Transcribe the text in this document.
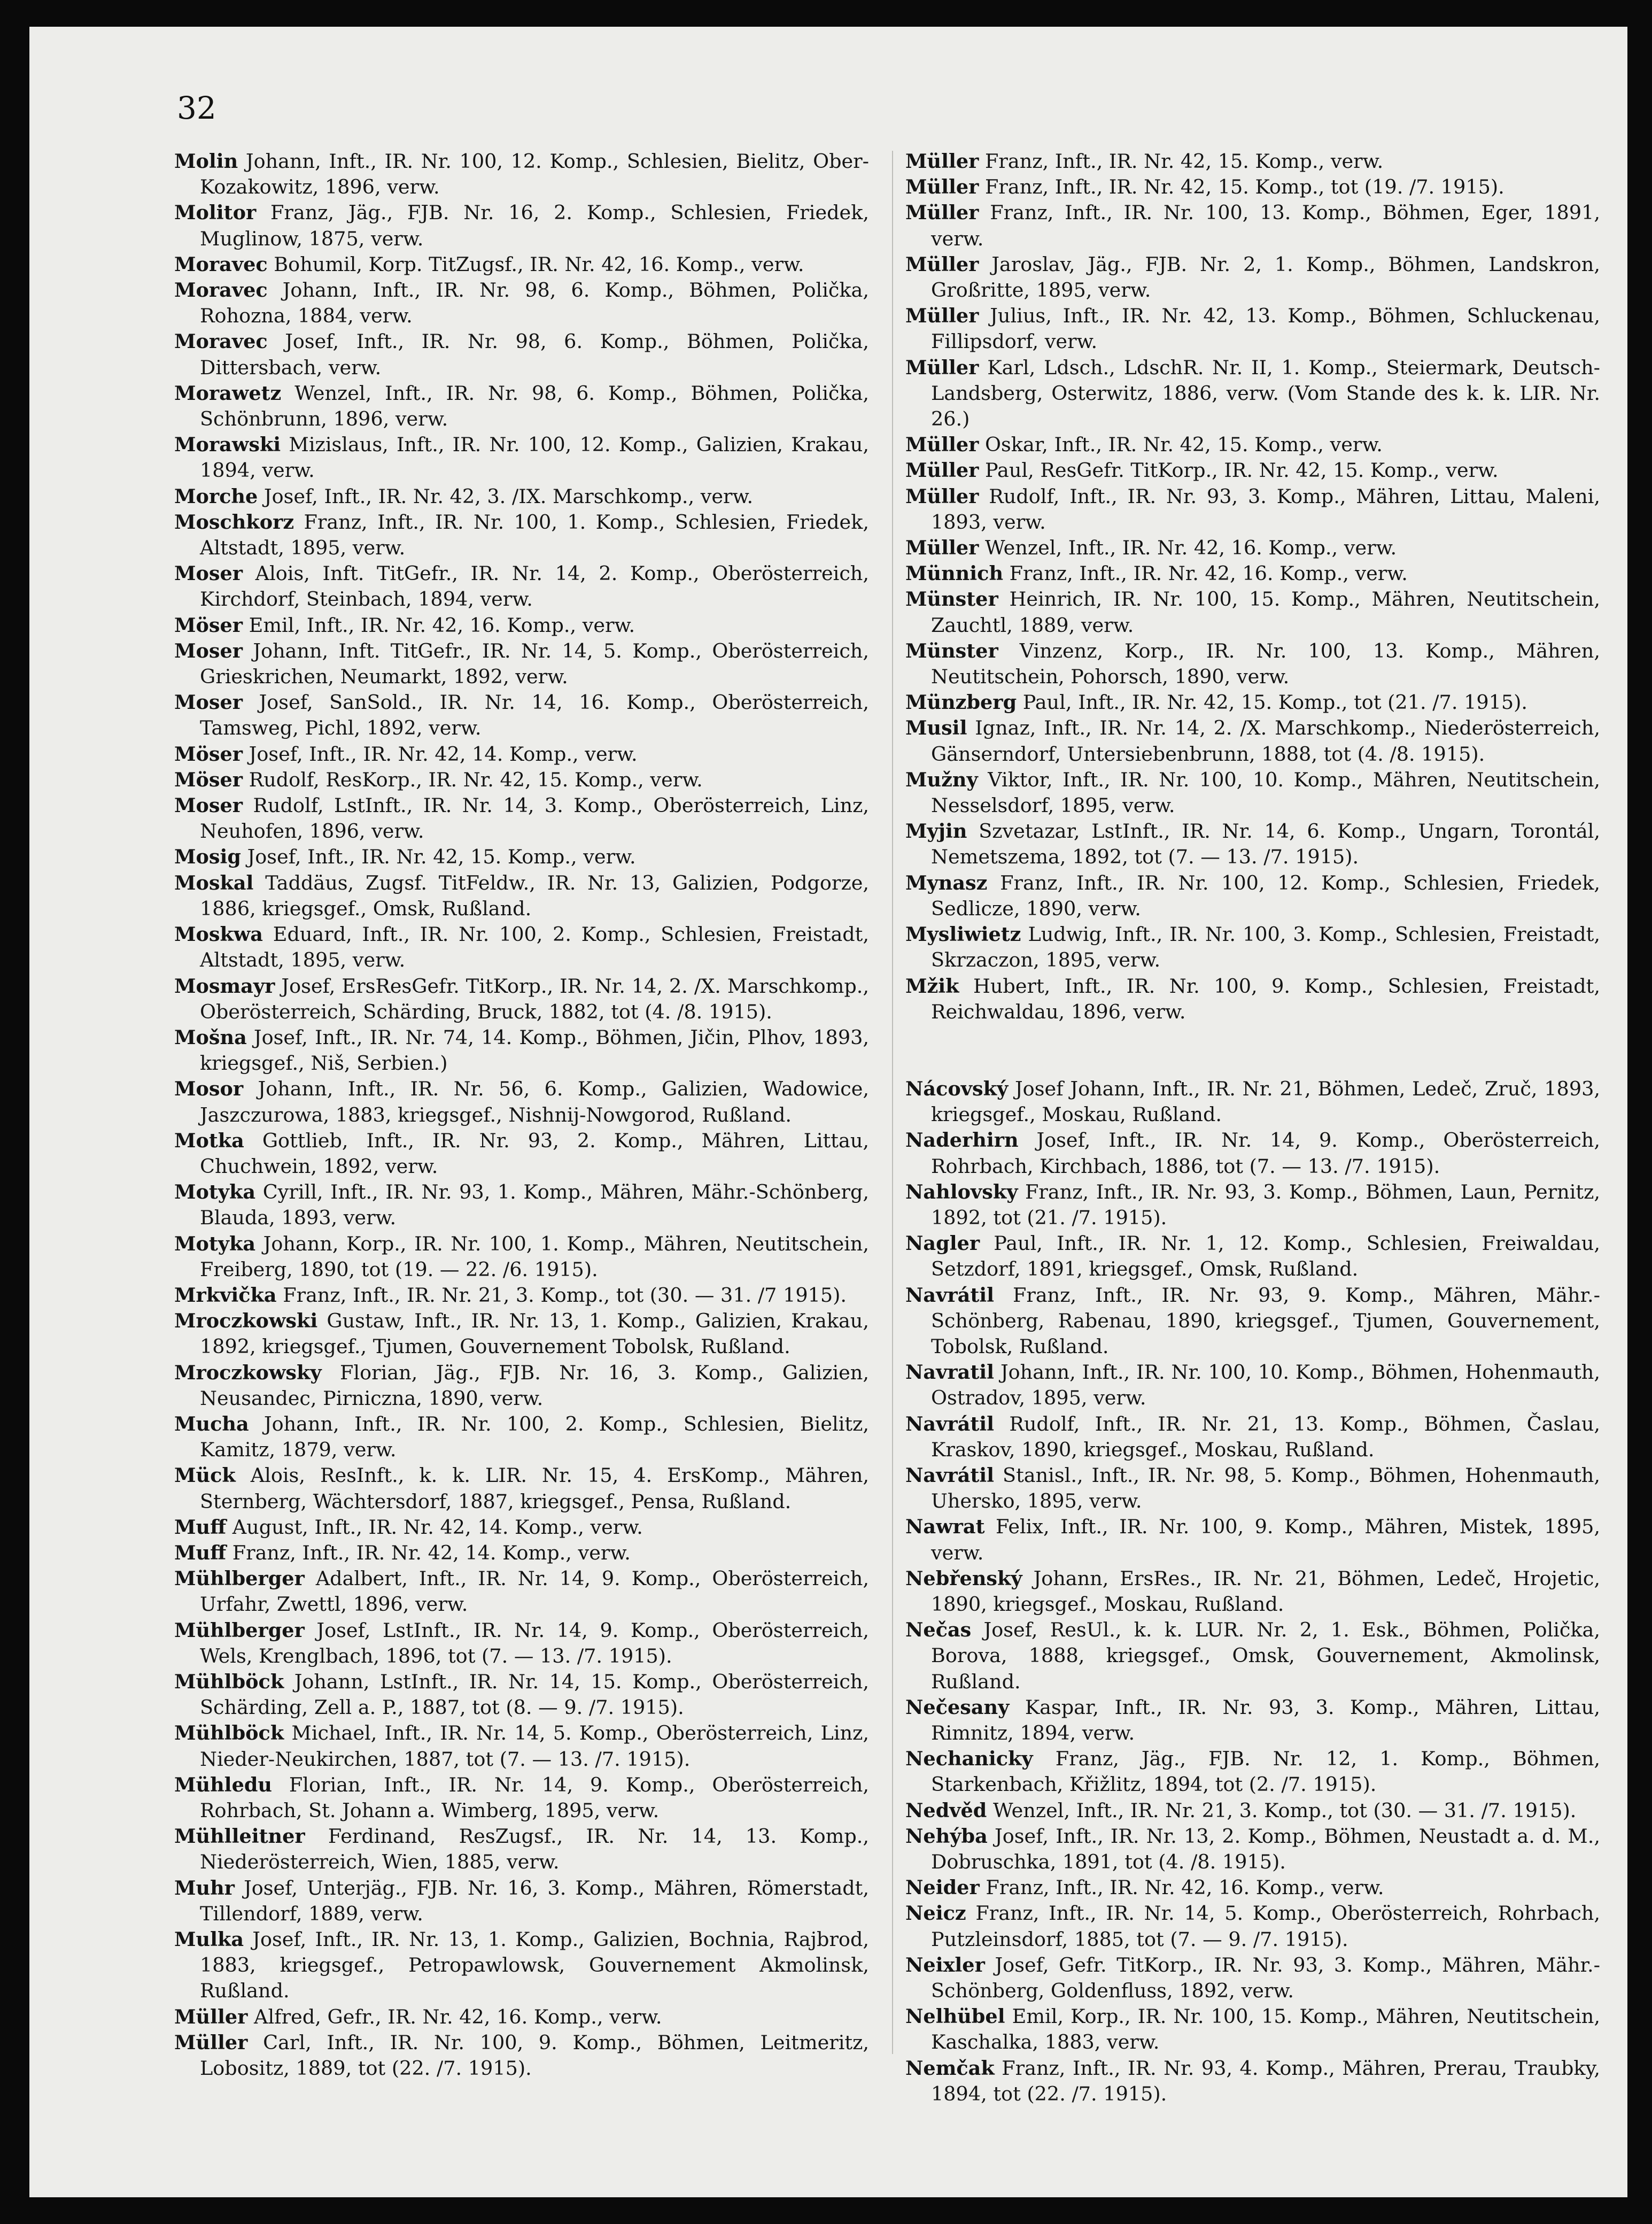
32

Molin Johann, Inft., IR. Nr. 100, 12. Komp., Schlesien, Bielitz, Ober-Kozakowitz, 1896, verw.

Molitor Franz, Jäg., FJB. Nr. 16, 2. Komp., Schlesien, Friedek, Muglinow, 1875, verw.

Moravec Bohumil, Korp. TitZugsf., IR. Nr. 42, 16. Komp., verw.

Moravec Johann, Inft., IR. Nr. 98, 6. Komp., Böhmen, Polička, Rohozna, 1884, verw.

Moravec Josef, Inft., IR. Nr. 98, 6. Komp., Böhmen, Polička, Dittersbach, verw.

Morawetz Wenzel, Inft., IR. Nr. 98, 6. Komp., Böhmen, Polička, Schönbrunn, 1896, verw.

Morawski Mizislaus, Inft., IR. Nr. 100, 12. Komp., Galizien, Krakau, 1894, verw.

Morche Josef, Inft., IR. Nr. 42, 3. /IX. Marschkomp., verw.

Moschkorz Franz, Inft., IR. Nr. 100, 1. Komp., Schlesien, Friedek, Altstadt, 1895, verw.

Moser Alois, Inft. TitGefr., IR. Nr. 14, 2. Komp., Oberösterreich, Kirchdorf, Steinbach, 1894, verw.

Möser Emil, Inft., IR. Nr. 42, 16. Komp., verw.

Moser Johann, Inft. TitGefr., IR. Nr. 14, 5. Komp., Oberösterreich, Grieskrichen, Neumarkt, 1892, verw.

Moser Josef, SanSold., IR. Nr. 14, 16. Komp., Oberösterreich, Tamsweg, Pichl, 1892, verw.

Möser Josef, Inft., IR. Nr. 42, 14. Komp., verw.

Möser Rudolf, ResKorp., IR. Nr. 42, 15. Komp., verw.

Moser Rudolf, LstInft., IR. Nr. 14, 3. Komp., Oberösterreich, Linz, Neuhofen, 1896, verw.

Mosig Josef, Inft., IR. Nr. 42, 15. Komp., verw.

Moskal Taddäus, Zugsf. TitFeldw., IR. Nr. 13, Galizien, Podgorze, 1886, kriegsgef., Omsk, Rußland.

Moskwa Eduard, Inft., IR. Nr. 100, 2. Komp., Schlesien, Freistadt, Altstadt, 1895, verw.

Mosmayr Josef, ErsResGefr. TitKorp., IR. Nr. 14, 2. /X. Marschkomp., Oberösterreich, Schärding, Bruck, 1882, tot (4. /8. 1915).

Mošna Josef, Inft., IR. Nr. 74, 14. Komp., Böhmen, Jičin, Plhov, 1893, kriegsgef., Niš, Serbien.)

Mosor Johann, Inft., IR. Nr. 56, 6. Komp., Galizien, Wadowice, Jaszczurowa, 1883, kriegsgef., Nishnij-Nowgorod, Rußland.

Motka Gottlieb, Inft., IR. Nr. 93, 2. Komp., Mähren, Littau, Chuchwein, 1892, verw.

Motyka Cyrill, Inft., IR. Nr. 93, 1. Komp., Mähren, Mähr.-Schönberg, Blauda, 1893, verw.

Motyka Johann, Korp., IR. Nr. 100, 1. Komp., Mähren, Neutitschein, Freiberg, 1890, tot (19. — 22. /6. 1915).

Mrkvička Franz, Inft., IR. Nr. 21, 3. Komp., tot (30. — 31. /7 1915).

Mroczkowski Gustaw, Inft., IR. Nr. 13, 1. Komp., Galizien, Krakau, 1892, kriegsgef., Tjumen, Gouvernement Tobolsk, Rußland.

Mroczkowsky Florian, Jäg., FJB. Nr. 16, 3. Komp., Galizien, Neusandec, Pirniczna, 1890, verw.

Mucha Johann, Inft., IR. Nr. 100, 2. Komp., Schlesien, Bielitz, Kamitz, 1879, verw.

Mück Alois, ResInft., k. k. LIR. Nr. 15, 4. ErsKomp., Mähren, Sternberg, Wächtersdorf, 1887, kriegsgef., Pensa, Rußland.

Muff August, Inft., IR. Nr. 42, 14. Komp., verw.

Muff Franz, Inft., IR. Nr. 42, 14. Komp., verw.

Mühlberger Adalbert, Inft., IR. Nr. 14, 9. Komp., Oberösterreich, Urfahr, Zwettl, 1896, verw.

Mühlberger Josef, LstInft., IR. Nr. 14, 9. Komp., Oberösterreich, Wels, Krenglbach, 1896, tot (7. — 13. /7. 1915).

Mühlböck Johann, LstInft., IR. Nr. 14, 15. Komp., Oberösterreich, Schärding, Zell a. P., 1887, tot (8. — 9. /7. 1915).

Mühlböck Michael, Inft., IR. Nr. 14, 5. Komp., Oberösterreich, Linz, Nieder-Neukirchen, 1887, tot (7. — 13. /7. 1915).

Mühledu Florian, Inft., IR. Nr. 14, 9. Komp., Oberösterreich, Rohrbach, St. Johann a. Wimberg, 1895, verw.

Mühlleitner Ferdinand, ResZugsf., IR. Nr. 14, 13. Komp., Niederösterreich, Wien, 1885, verw.

Muhr Josef, Unterjäg., FJB. Nr. 16, 3. Komp., Mähren, Römerstadt, Tillendorf, 1889, verw.

Mulka Josef, Inft., IR. Nr. 13, 1. Komp., Galizien, Bochnia, Rajbrod, 1883, kriegsgef., Petropawlowsk, Gouvernement Akmolinsk, Rußland.

Müller Alfred, Gefr., IR. Nr. 42, 16. Komp., verw.

Müller Carl, Inft., IR. Nr. 100, 9. Komp., Böhmen, Leitmeritz, Lobositz, 1889, tot (22. /7. 1915).

Müller Franz, Inft., IR. Nr. 42, 15. Komp., verw.

Müller Franz, Inft., IR. Nr. 42, 15. Komp., tot (19. /7. 1915).

Müller Franz, Inft., IR. Nr. 100, 13. Komp., Böhmen, Eger, 1891, verw.

Müller Jaroslav, Jäg., FJB. Nr. 2, 1. Komp., Böhmen, Landskron, Großritte, 1895, verw.

Müller Julius, Inft., IR. Nr. 42, 13. Komp., Böhmen, Schluckenau, Fillipsdorf, verw.

Müller Karl, Ldsch., LdschR. Nr. II, 1. Komp., Steiermark, Deutsch-Landsberg, Osterwitz, 1886, verw. (Vom Stande des k. k. LIR. Nr. 26.)

Müller Oskar, Inft., IR. Nr. 42, 15. Komp., verw.

Müller Paul, ResGefr. TitKorp., IR. Nr. 42, 15. Komp., verw.

Müller Rudolf, Inft., IR. Nr. 93, 3. Komp., Mähren, Littau, Maleni, 1893, verw.

Müller Wenzel, Inft., IR. Nr. 42, 16. Komp., verw.

Münnich Franz, Inft., IR. Nr. 42, 16. Komp., verw.

Münster Heinrich, IR. Nr. 100, 15. Komp., Mähren, Neutitschein, Zauchtl, 1889, verw.

Münster Vinzenz, Korp., IR. Nr. 100, 13. Komp., Mähren, Neutitschein, Pohorsch, 1890, verw.

Münzberg Paul, Inft., IR. Nr. 42, 15. Komp., tot (21. /7. 1915).

Musil Ignaz, Inft., IR. Nr. 14, 2. /X. Marschkomp., Niederösterreich, Gänserndorf, Untersiebenbrunn, 1888, tot (4. /8. 1915).

Mužny Viktor, Inft., IR. Nr. 100, 10. Komp., Mähren, Neutitschein, Nesselsdorf, 1895, verw.

Myjin Szvetazar, LstInft., IR. Nr. 14, 6. Komp., Ungarn, Torontál, Nemetszema, 1892, tot (7. — 13. /7. 1915).

Mynasz Franz, Inft., IR. Nr. 100, 12. Komp., Schlesien, Friedek, Sedlicze, 1890, verw.

Mysliwietz Ludwig, Inft., IR. Nr. 100, 3. Komp., Schlesien, Freistadt, Skrzaczon, 1895, verw.

Mžik Hubert, Inft., IR. Nr. 100, 9. Komp., Schlesien, Freistadt, Reichwaldau, 1896, verw.

Nácovský Josef Johann, Inft., IR. Nr. 21, Böhmen, Ledeč, Zruč, 1893, kriegsgef., Moskau, Rußland.

Naderhirn Josef, Inft., IR. Nr. 14, 9. Komp., Oberösterreich, Rohrbach, Kirchbach, 1886, tot (7. — 13. /7. 1915).

Nahlovsky Franz, Inft., IR. Nr. 93, 3. Komp., Böhmen, Laun, Pernitz, 1892, tot (21. /7. 1915).

Nagler Paul, Inft., IR. Nr. 1, 12. Komp., Schlesien, Freiwaldau, Setzdorf, 1891, kriegsgef., Omsk, Rußland.

Navrátil Franz, Inft., IR. Nr. 93, 9. Komp., Mähren, Mähr.-Schönberg, Rabenau, 1890, kriegsgef., Tjumen, Gouvernement, Tobolsk, Rußland.

Navratil Johann, Inft., IR. Nr. 100, 10. Komp., Böhmen, Hohenmauth, Ostradov, 1895, verw.

Navrátil Rudolf, Inft., IR. Nr. 21, 13. Komp., Böhmen, Časlau, Kraskov, 1890, kriegsgef., Moskau, Rußland.

Navrátil Stanisl., Inft., IR. Nr. 98, 5. Komp., Böhmen, Hohenmauth, Uhersko, 1895, verw.

Nawrat Felix, Inft., IR. Nr. 100, 9. Komp., Mähren, Mistek, 1895, verw.

Nebřenský Johann, ErsRes., IR. Nr. 21, Böhmen, Ledeč, Hrojetic, 1890, kriegsgef., Moskau, Rußland.

Nečas Josef, ResUl., k. k. LUR. Nr. 2, 1. Esk., Böhmen, Polička, Borova, 1888, kriegsgef., Omsk, Gouvernement, Akmolinsk, Rußland.

Nečesany Kaspar, Inft., IR. Nr. 93, 3. Komp., Mähren, Littau, Rimnitz, 1894, verw.

Nechanicky Franz, Jäg., FJB. Nr. 12, 1. Komp., Böhmen, Starkenbach, Křižlitz, 1894, tot (2. /7. 1915).

Nedvěd Wenzel, Inft., IR. Nr. 21, 3. Komp., tot (30. — 31. /7. 1915).

Nehýba Josef, Inft., IR. Nr. 13, 2. Komp., Böhmen, Neustadt a. d. M., Dobruschka, 1891, tot (4. /8. 1915).

Neider Franz, Inft., IR. Nr. 42, 16. Komp., verw.

Neicz Franz, Inft., IR. Nr. 14, 5. Komp., Oberösterreich, Rohrbach, Putzleinsdorf, 1885, tot (7. — 9. /7. 1915).

Neixler Josef, Gefr. TitKorp., IR. Nr. 93, 3. Komp., Mähren, Mähr.-Schönberg, Goldenfluss, 1892, verw.

Nelhübel Emil, Korp., IR. Nr. 100, 15. Komp., Mähren, Neutitschein, Kaschalka, 1883, verw.

Nemčak Franz, Inft., IR. Nr. 93, 4. Komp., Mähren, Prerau, Traubky, 1894, tot (22. /7. 1915).
